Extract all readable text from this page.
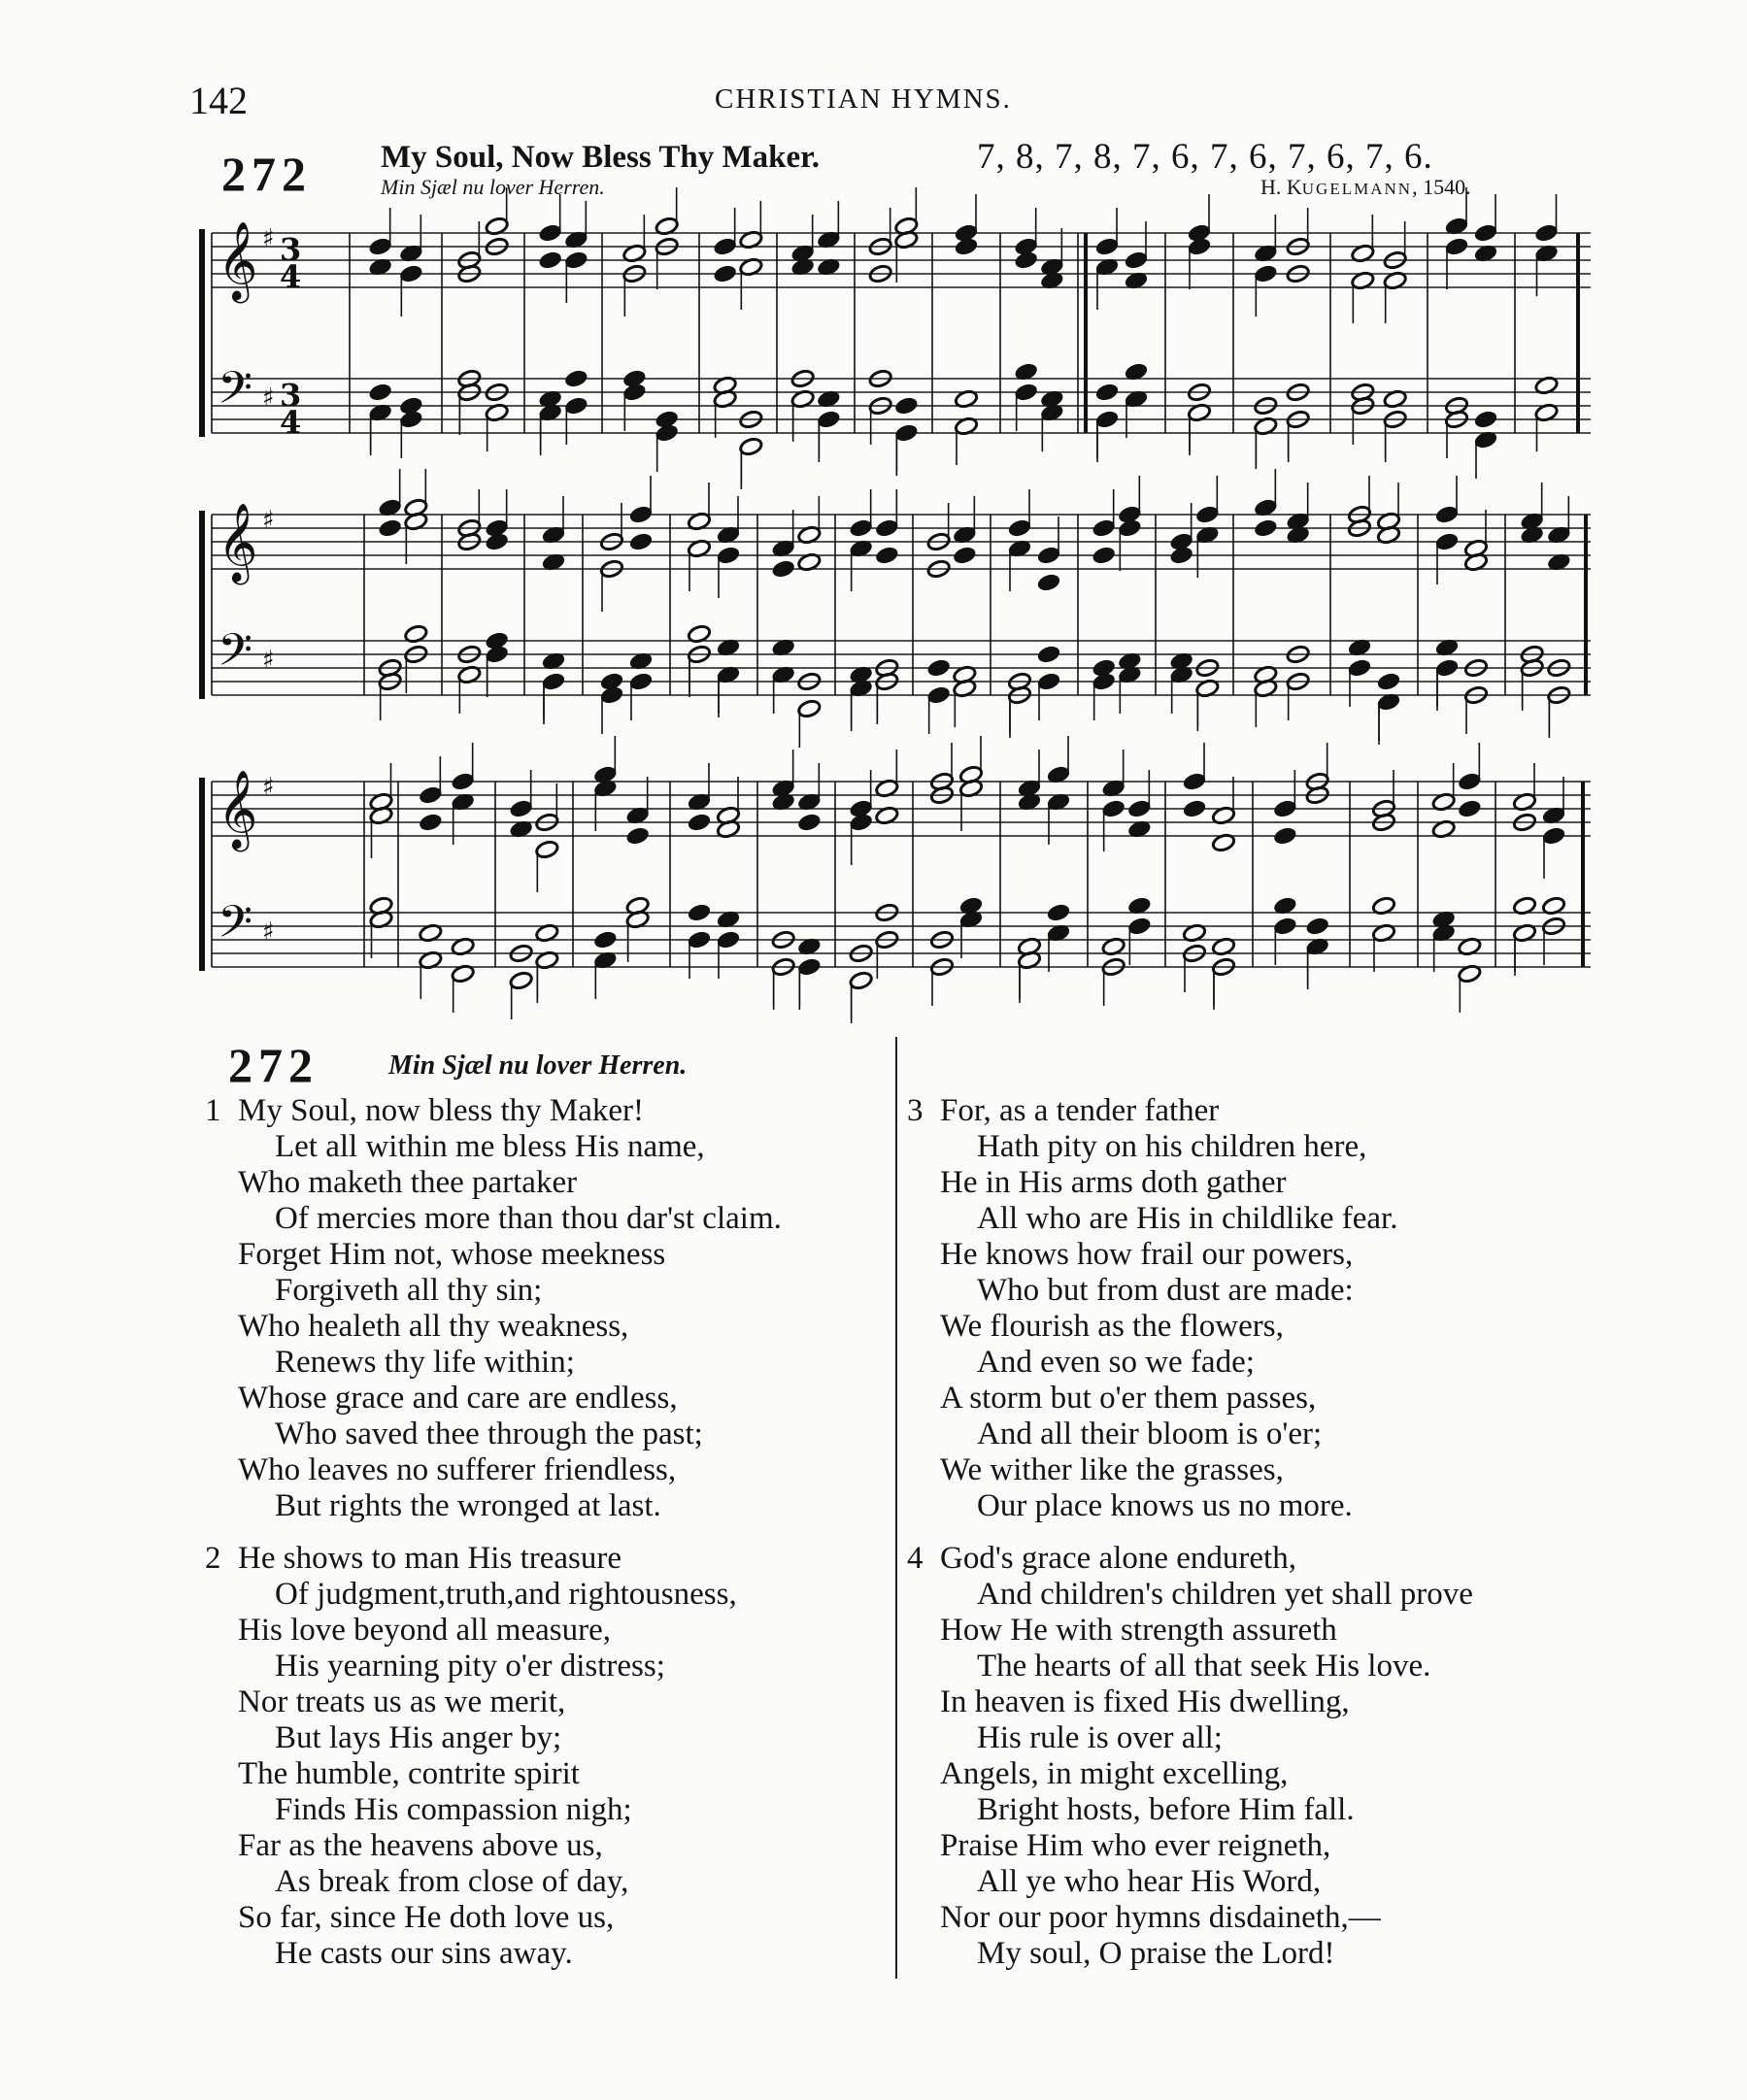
142	CHRISTIAN HYMNS.
272 My Soul, Now Bless Thy Maker.
Min Sjæl nu lover Herren.
7, 8, 7, 8, 7, 6, 7, 6, 7, 6, 7, 6.
H. KUGELMANN, 1540.
𝄞 ♯ 3
4
𝄢 ♯ 3
4
𝄞 ♯
𝄢 ♯
𝄞 ♯
𝄢 ♯
272	Min Sjæl nu lover Herren.
1 My Soul, now bless thy Maker!
Let all within me bless His name,
Who maketh thee partaker
Of mercies more than thou dar'st claim.
Forget Him not, whose meekness
Forgiveth all thy sin;
Who healeth all thy weakness,
Renews thy life within;
Whose grace and care are endless,
Who saved thee through the past;
Who leaves no sufferer friendless,
But rights the wronged at last.
2 He shows to man His treasure
Of judgment,truth,and rightousness,
His love beyond all measure,
His yearning pity o'er distress;
Nor treats us as we merit,
But lays His anger by;
The humble, contrite spirit
Finds His compassion nigh;
Far as the heavens above us,
As break from close of day,
So far, since He doth love us,
He casts our sins away.
3 For, as a tender father
Hath pity on his children here,
He in His arms doth gather
All who are His in childlike fear.
He knows how frail our powers,
Who but from dust are made:
We flourish as the flowers,
And even so we fade;
A storm but o'er them passes,
And all their bloom is o'er;
We wither like the grasses,
Our place knows us no more.
4 God's grace alone endureth,
And children's children yet shall prove
How He with strength assureth
The hearts of all that seek His love.
In heaven is fixed His dwelling,
His rule is over all;
Angels, in might excelling,
Bright hosts, before Him fall.
Praise Him who ever reigneth,
All ye who hear His Word,
Nor our poor hymns disdaineth,—
My soul, O praise the Lord!
